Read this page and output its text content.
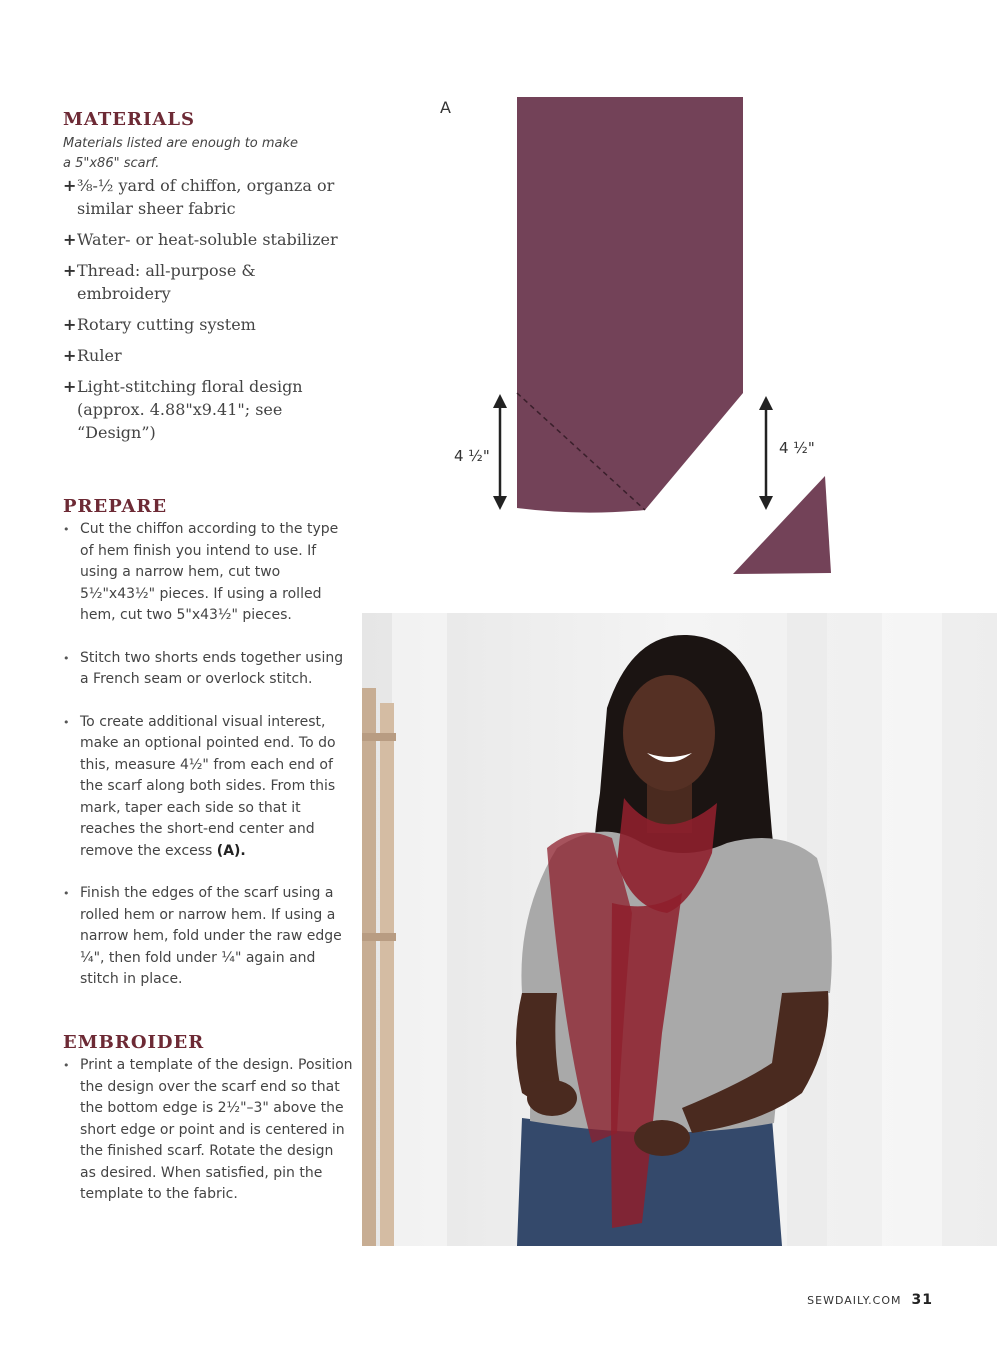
MATERIALS

Materials listed are enough to make
a 5"x86" scarf.

+⅜-½ yard of chiffon, organza or similar sheer fabric
+Water- or heat-soluble stabilizer
+Thread: all-purpose & embroidery
+Rotary cutting system
+Ruler
+Light-stitching floral design (approx. 4.88"x9.41"; see “Design”)
PREPARE
• Cut the chiffon according to the type of hem finish you intend to use. If using a narrow hem, cut two 5½"x43½" pieces. If using a rolled hem, cut two 5"x43½" pieces.
• Stitch two shorts ends together using a French seam or overlock stitch.
• To create additional visual interest, make an optional pointed end. To do this, measure 4½" from each end of the scarf along both sides. From this mark, taper each side so that it reaches the short-end center and remove the excess (A).
• Finish the edges of the scarf using a rolled hem or narrow hem. If using a narrow hem, fold under the raw edge ¼", then fold under ¼" again and stitch in place.
EMBROIDER
• Print a template of the design. Position the design over the scarf end so that the bottom edge is 2½"–3" above the short edge or point and is centered in the finished scarf. Rotate the design as desired. When satisfied, pin the template to the fabric.
A
4 ½"	4 ½"
SEWDAILY.COM 31
